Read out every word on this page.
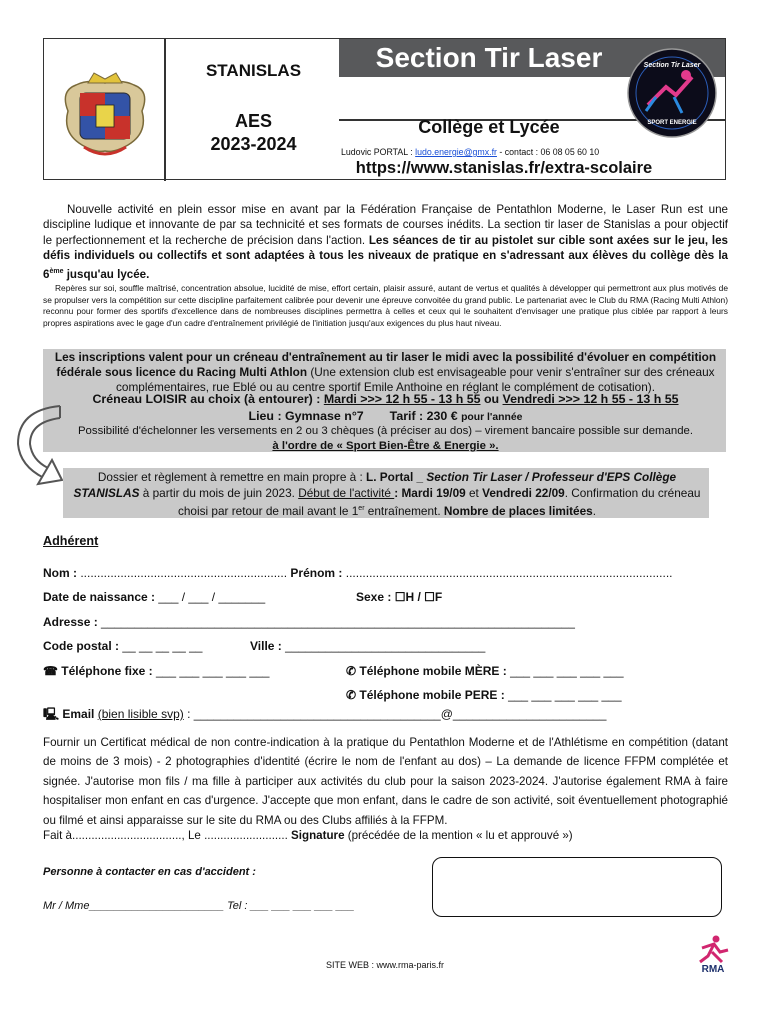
STANISLAS
AES
2023-2024
Section Tir Laser
Collège et Lycée
Ludovic PORTAL : ludo.energie@gmx.fr - contact : 06 08 05 60 10
https://www.stanislas.fr/extra-scolaire
Section Tir Laser
SPORT ENERGIE
Nouvelle activité en plein essor mise en avant par la Fédération Française de Pentathlon Moderne, le Laser Run est une discipline ludique et innovante de par sa technicité et ses formats de courses inédits. La section tir laser de Stanislas a pour objectif le perfectionnement et la recherche de précision dans l'action. Les séances de tir au pistolet sur cible sont axées sur le jeu, les défis individuels ou collectifs et sont adaptées à tous les niveaux de pratique en s'adressant aux élèves du collège dès la 6ème jusqu'au lycée.
Repères sur soi, souffle maîtrisé, concentration absolue, lucidité de mise, effort certain, plaisir assuré, autant de vertus et qualités à développer qui permettront aux plus motivés de se propulser vers la compétition sur cette discipline parfaitement calibrée pour devenir une épreuve convoitée du grand public. Le partenariat avec le Club du RMA (Racing Multi Athlon) reconnu pour former des sportifs d'excellence dans de nombreuses disciplines permettra à celles et ceux qui le souhaitent d'envisager une pratique plus ciblée par rapport à leurs propres aspirations avec le gage d'un cadre d'entraînement privilégié de l'initiation jusqu'aux exigences du plus haut niveau.
Les inscriptions valent pour un créneau d'entraînement au tir laser le midi avec la possibilité d'évoluer en compétition fédérale sous licence du Racing Multi Athlon (Une extension club est envisageable pour venir s'entraîner sur des créneaux complémentaires, rue Eblé ou au centre sportif Emile Anthoine en réglant le complément de cotisation).
Créneau LOISIR au choix (à entourer) : Mardi >>> 12 h 55 - 13 h 55 ou Vendredi >>> 12 h 55 - 13 h 55
Lieu : Gymnase n°7 Tarif : 230 € pour l'année
Possibilité d'échelonner les versements en 2 ou 3 chèques (à préciser au dos) – virement bancaire possible sur demande.
à l'ordre de « Sport Bien-Être & Energie ».
Dossier et règlement à remettre en main propre à : L. Portal _ Section Tir Laser / Professeur d'EPS Collège STANISLAS à partir du mois de juin 2023. Début de l'activité : Mardi 19/09 et Vendredi 22/09. Confirmation du créneau choisi par retour de mail avant le 1er entraînement. Nombre de places limitées.
Adhérent
Nom : .............................................................. Prénom : ..................................................................................................
Date de naissance : ___ / ___ / _______	Sexe : ☐H / ☐F
Adresse : _______________________________________________________________________
Code postal : __ __ __ __ __	Ville : ______________________________
☎ Téléphone fixe : ___ ___ ___ ___ ___	✆ Téléphone mobile MÈRE : ___ ___ ___ ___ ___
✆ Téléphone mobile PERE : ___ ___ ___ ___ ___
🖳 Email (bien lisible svp) : _____________________________________@_______________________
Fournir un Certificat médical de non contre-indication à la pratique du Pentathlon Moderne et de l'Athlétisme en compétition (datant de moins de 3 mois) - 2 photographies d'identité (écrire le nom de l'enfant au dos) – La demande de licence FFPM complétée et signée. J'autorise mon fils / ma fille à participer aux activités du club pour la saison 2023-2024. J'autorise également RMA à faire hospitaliser mon enfant en cas d'urgence. J'accepte que mon enfant, dans le cadre de son activité, soit éventuellement photographié ou filmé et ainsi apparaisse sur le site du RMA ou des Clubs affiliés à la FFPM.
Fait à.................................., Le .......................... Signature (précédée de la mention « lu et approuvé »)
Personne à contacter en cas d'accident :
Mr / Mme______________________ Tel : ___ ___ ___ ___ ___
SITE WEB : www.rma-paris.fr	RMA
